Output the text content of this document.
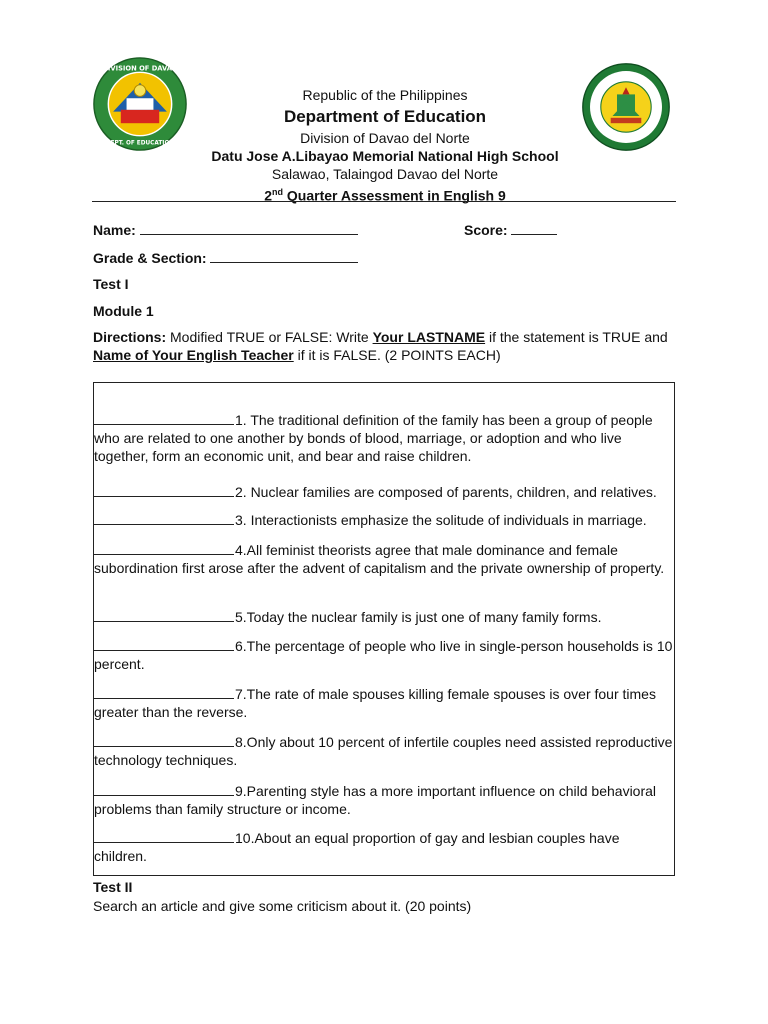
DIVISION OF DAVAO
DEPT. OF EDUCATION
Republic of the Philippines
Department of Education
Division of Davao del Norte
Datu Jose A.Libayao Memorial National High School
Salawao, Talaingod Davao del Norte
2nd Quarter Assessment in English 9
Name:	Score:
Grade & Section:
Test I
Module 1
Directions: Modified TRUE or FALSE: Write Your LASTNAME if the statement is TRUE and
Name of Your English Teacher if it is FALSE. (2 POINTS EACH)
1. The traditional definition of the family has been a group of people who are related to one another by bonds of blood, marriage, or adoption and who live together, form an economic unit, and bear and raise children.
2. Nuclear families are composed of parents, children, and relatives.
3. Interactionists emphasize the solitude of individuals in marriage.
4.All feminist theorists agree that male dominance and female subordination first arose after the advent of capitalism and the private ownership of property.
5.Today the nuclear family is just one of many family forms.
6.The percentage of people who live in single-person households is 10 percent.
7.The rate of male spouses killing female spouses is over four times greater than the reverse.
8.Only about 10 percent of infertile couples need assisted reproductive technology techniques.
9.Parenting style has a more important influence on child behavioral problems than family structure or income.
10.About an equal proportion of gay and lesbian couples have children.
Test II
Search an article and give some criticism about it. (20 points)
